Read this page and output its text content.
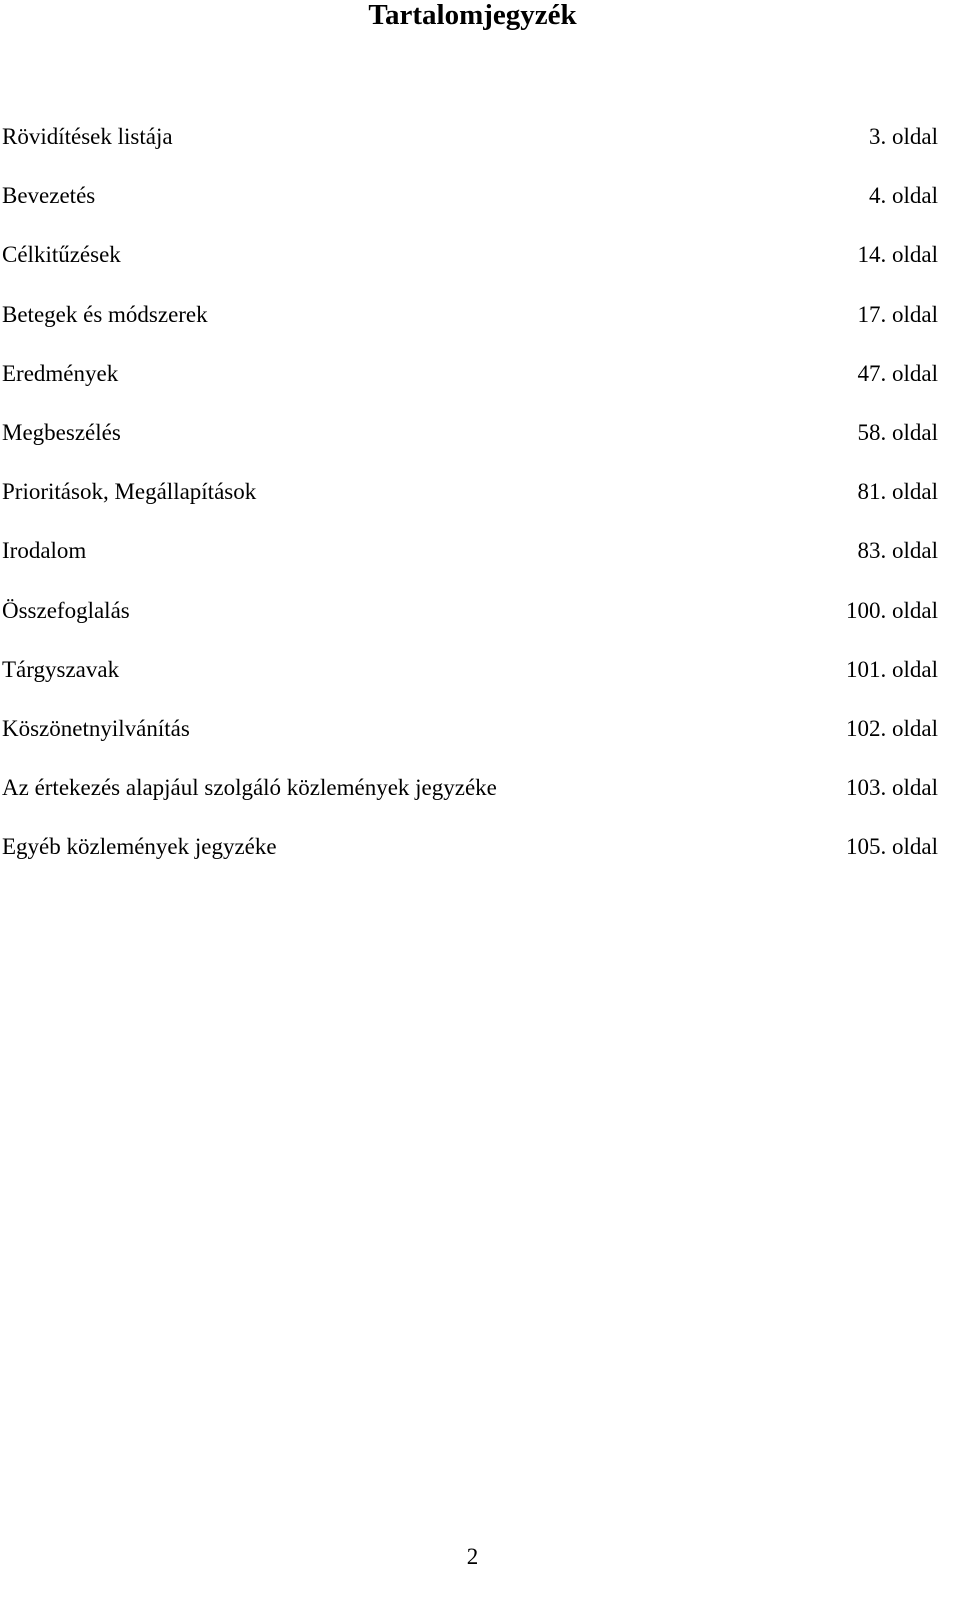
Tartalomjegyzék
Rövidítések listája	3. oldal
Bevezetés	4. oldal
Célkitűzések	14. oldal
Betegek és módszerek	17. oldal
Eredmények	47. oldal
Megbeszélés	58. oldal
Prioritások, Megállapítások	81. oldal
Irodalom	83. oldal
Összefoglalás	100. oldal
Tárgyszavak	101. oldal
Köszönetnyilvánítás	102. oldal
Az értekezés alapjául szolgáló közlemények jegyzéke	103. oldal
Egyéb közlemények jegyzéke	105. oldal
2
